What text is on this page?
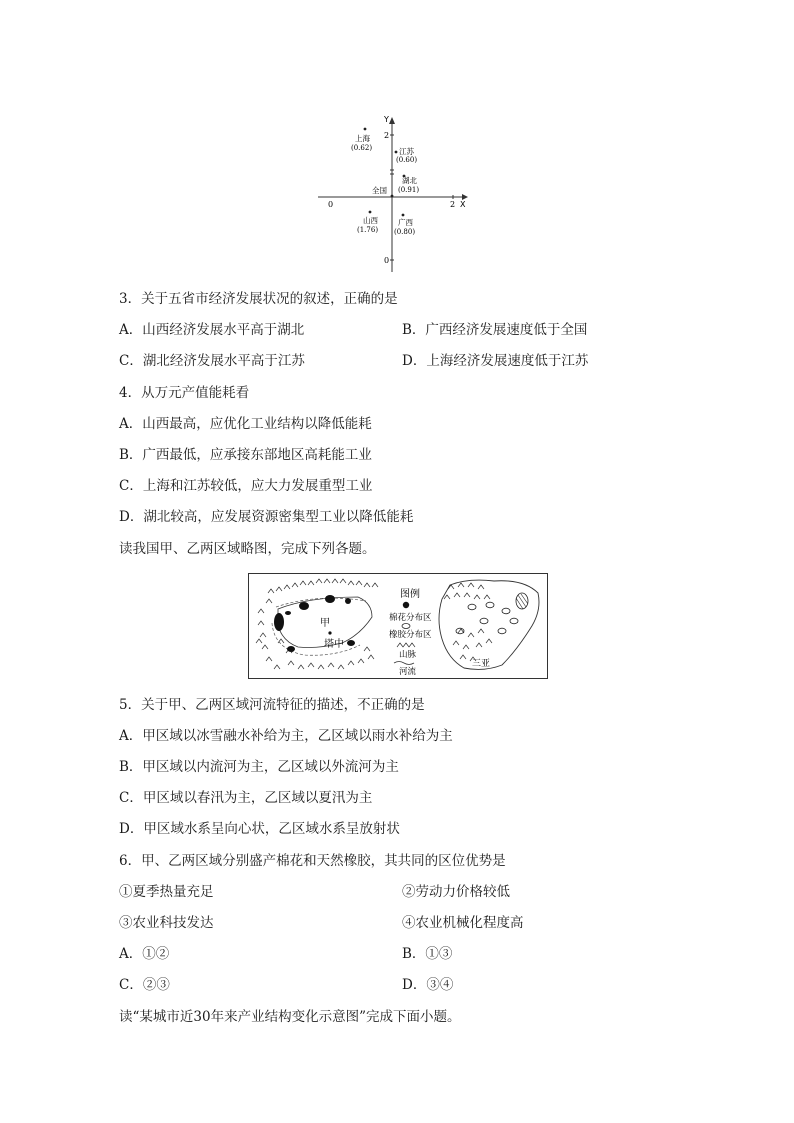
Y
X
2
0
0	2
上海
(0.62)	江苏
(0.60)
湖北
(0.91)
全国
山西
(1.76)
广西
(0.80)
3．关于五省市经济发展状况的叙述，正确的是
A．山西经济发展水平高于湖北	B．广西经济发展速度低于全国
C．湖北经济发展水平高于江苏	D．上海经济发展速度低于江苏
4．从万元产值能耗看
A．山西最高，应优化工业结构以降低能耗
B．广西最低，应承接东部地区高耗能工业
C．上海和江苏较低，应大力发展重型工业
D．湖北较高，应发展资源密集型工业以降低能耗
读我国甲、乙两区域略图，完成下列各题。
甲
塔中
图例
棉花分布区
橡胶分布区
山脉
河流
三亚
5．关于甲、乙两区域河流特征的描述，不正确的是
A．甲区域以冰雪融水补给为主，乙区域以雨水补给为主
B．甲区域以内流河为主，乙区域以外流河为主
C．甲区域以春汛为主，乙区域以夏汛为主
D．甲区域水系呈向心状，乙区域水系呈放射状
6．甲、乙两区域分别盛产棉花和天然橡胶，其共同的区位优势是
①夏季热量充足	②劳动力价格较低
③农业科技发达	④农业机械化程度高
A．①②	B．①③
C．②③	D．③④
读“某城市近30年来产业结构变化示意图”完成下面小题。
